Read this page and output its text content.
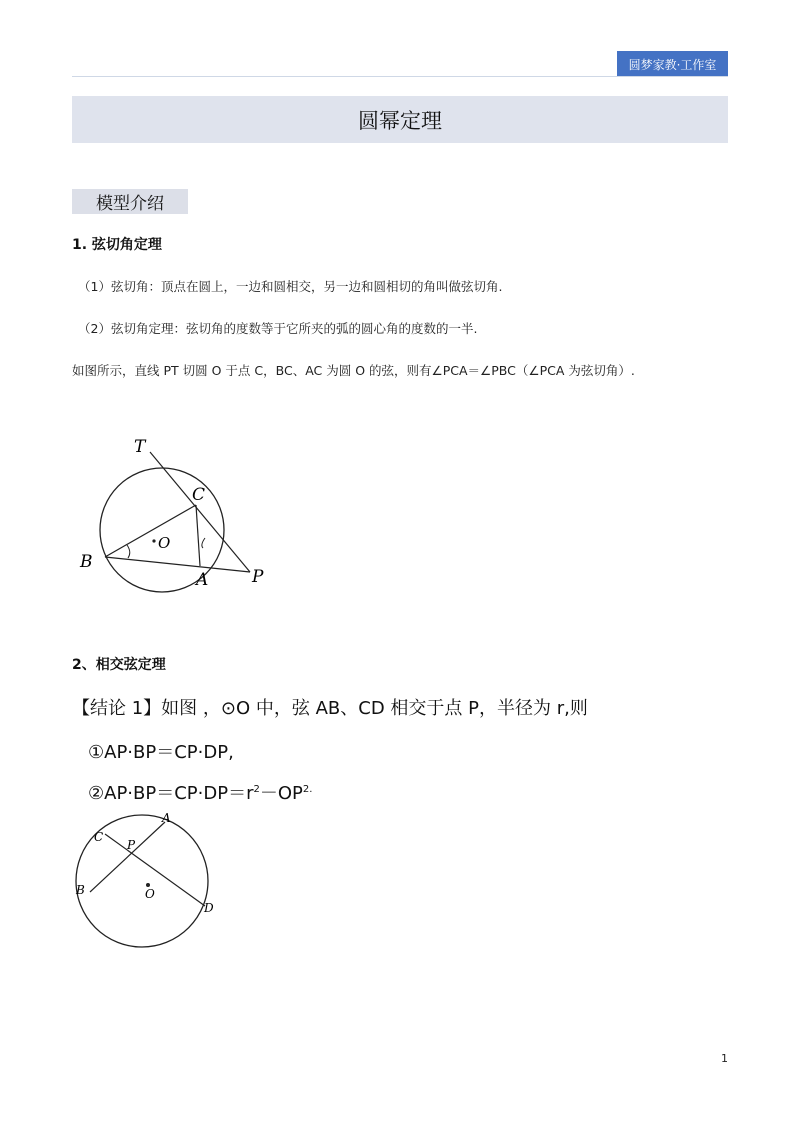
圆梦家教·工作室
圆幂定理
模型介绍
1. 弦切角定理
（1）弦切角：顶点在圆上，一边和圆相交，另一边和圆相切的角叫做弦切角.
（2）弦切角定理：弦切角的度数等于它所夹的弧的圆心角的度数的一半.
如图所示，直线 PT 切圆 O 于点 C，BC、AC 为圆 O 的弦，则有∠PCA＝∠PBC（∠PCA 为弦切角）.
T
C
O
B
A	P
2、相交弦定理
【结论 1】如图 ，⊙O 中，弦 AB、CD 相交于点 P，半径为 r,则
①AP·BP＝CP·DP,
$②AP\cdot BP=CP\cdot DP=r^2-OP^{2.}$
A
C
P
B	O
D
1
